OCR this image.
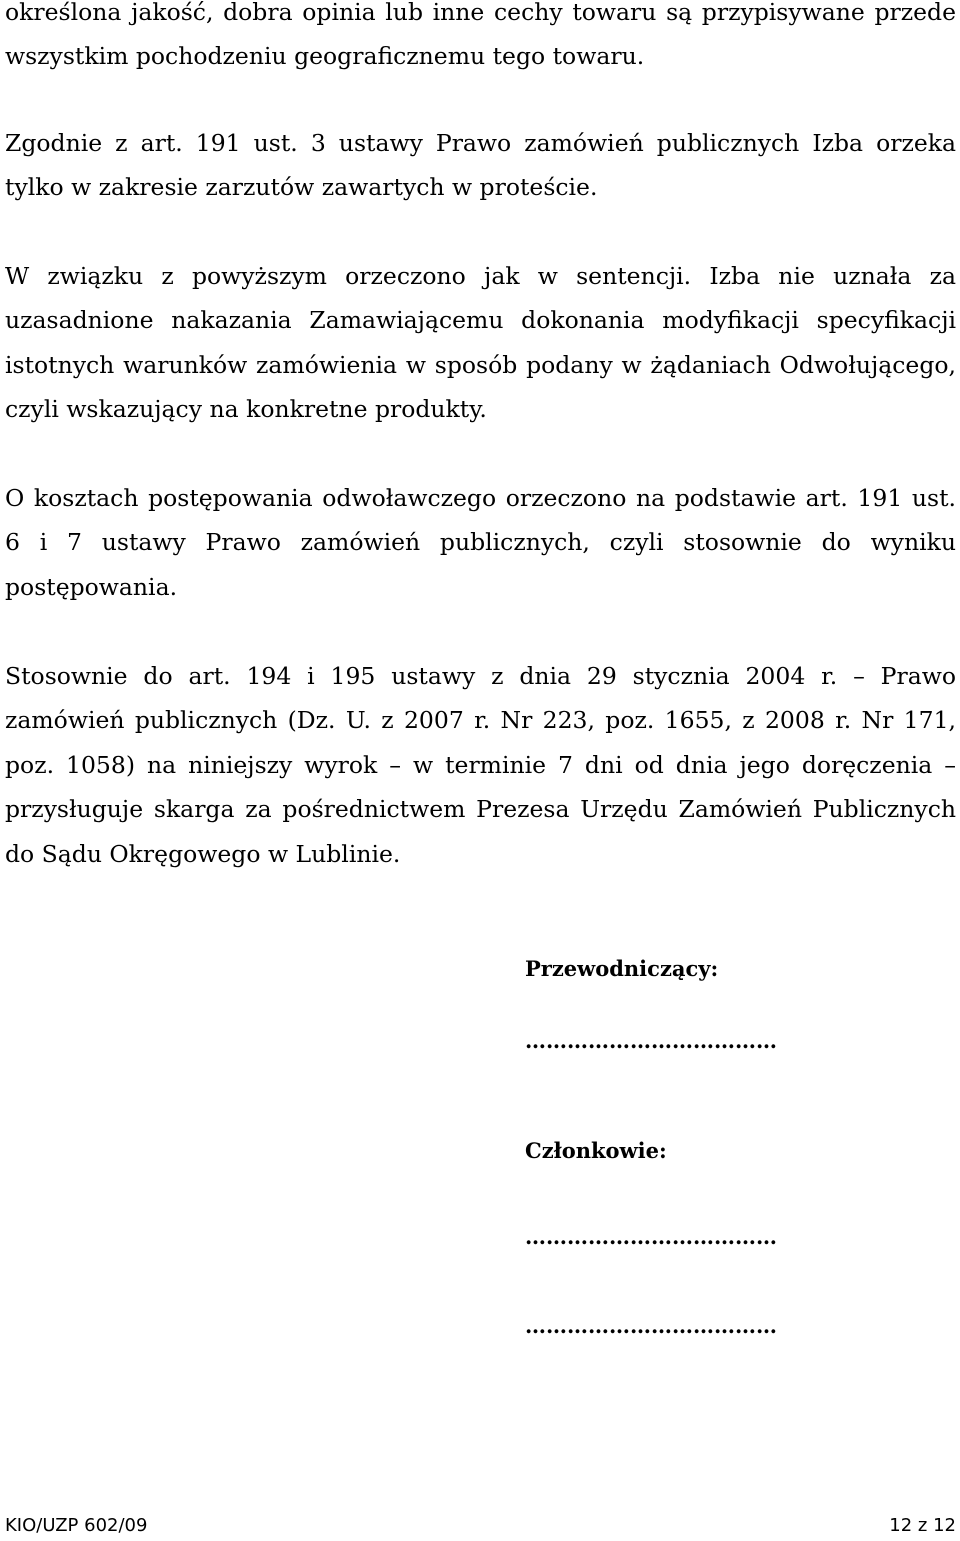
określona jakość, dobra opinia lub inne cechy towaru są przypisywane przede wszystkim pochodzeniu geograficznemu tego towaru.

Zgodnie z art. 191 ust. 3 ustawy Prawo zamówień publicznych Izba orzeka tylko w zakresie zarzutów zawartych w proteście.

W związku z powyższym orzeczono jak w sentencji. Izba nie uznała za uzasadnione nakazania Zamawiającemu dokonania modyfikacji specyfikacji istotnych warunków zamówienia w sposób podany w żądaniach Odwołującego, czyli wskazujący na konkretne produkty.

O kosztach postępowania odwoławczego orzeczono na podstawie art. 191 ust. 6 i 7 ustawy Prawo zamówień publicznych, czyli stosownie do wyniku postępowania.

Stosownie do art. 194 i 195 ustawy z dnia 29 stycznia 2004 r. – Prawo zamówień publicznych (Dz. U. z 2007 r. Nr 223, poz. 1655, z 2008 r. Nr 171, poz. 1058) na niniejszy wyrok – w terminie 7 dni od dnia jego doręczenia – przysługuje skarga za pośrednictwem Prezesa Urzędu Zamówień Publicznych do Sądu Okręgowego w Lublinie.

Przewodniczący:

………………………………

Członkowie:

………………………………

………………………………

KIO/UZP 602/09	12 z 12
